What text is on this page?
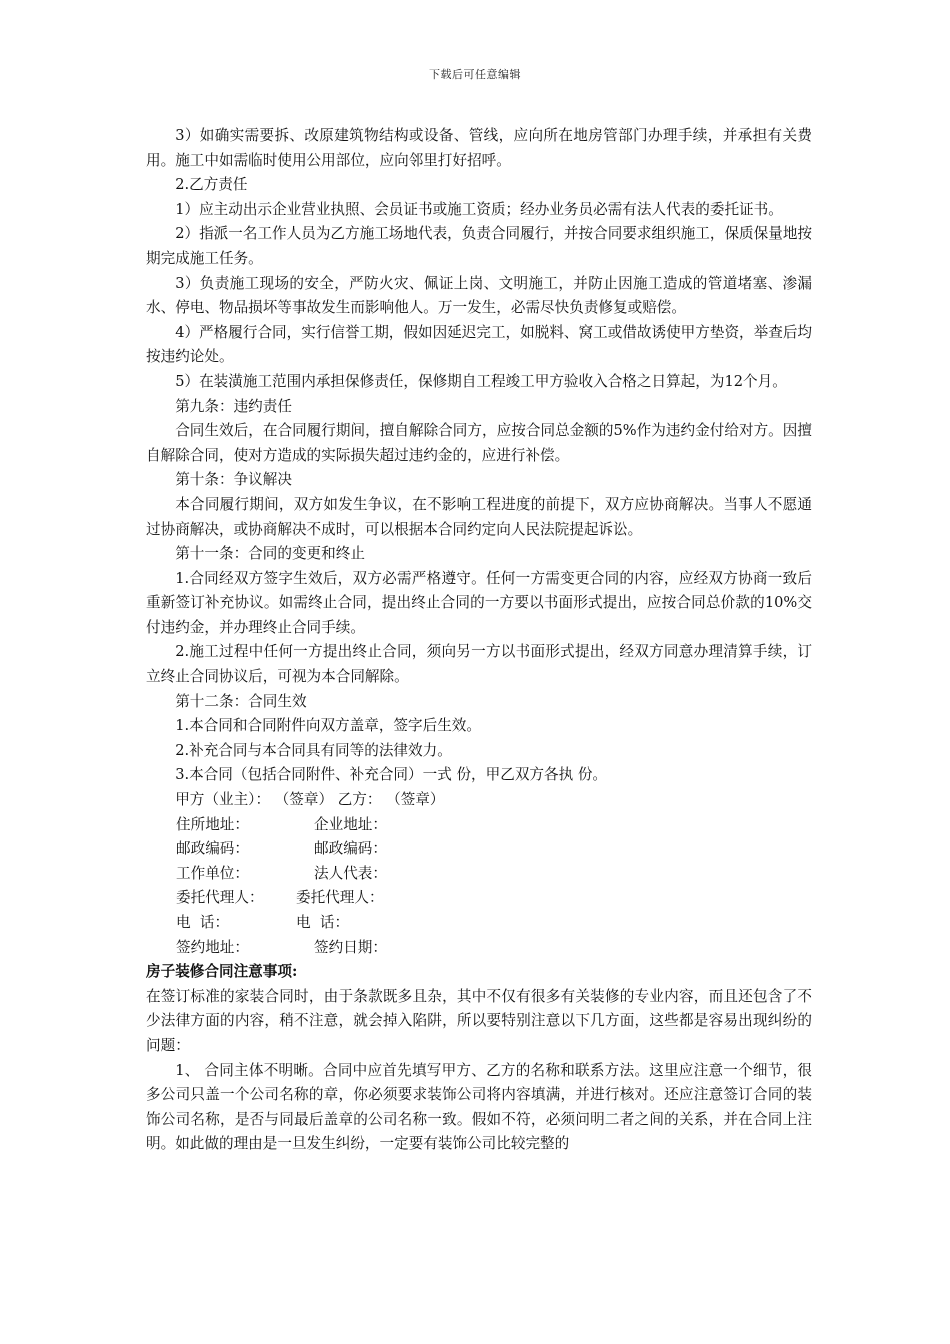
下载后可任意编辑

3）如确实需要拆、改原建筑物结构或设备、管线，应向所在地房管部门办理手续，并承担有关费用。施工中如需临时使用公用部位，应向邻里打好招呼。

2.乙方责任

1）应主动出示企业营业执照、会员证书或施工资质；经办业务员必需有法人代表的委托证书。

2）指派一名工作人员为乙方施工场地代表，负责合同履行，并按合同要求组织施工，保质保量地按期完成施工任务。

3）负责施工现场的安全，严防火灾、佩证上岗、文明施工，并防止因施工造成的管道堵塞、渗漏水、停电、物品损坏等事故发生而影响他人。万一发生，必需尽快负责修复或赔偿。

4）严格履行合同，实行信誉工期，假如因延迟完工，如脱料、窝工或借故诱使甲方垫资，举查后均按违约论处。

5）在装潢施工范围内承担保修责任，保修期自工程竣工甲方验收入合格之日算起，为12个月。

第九条：违约责任

合同生效后，在合同履行期间，擅自解除合同方，应按合同总金额的5%作为违约金付给对方。因擅自解除合同，使对方造成的实际损失超过违约金的，应进行补偿。

第十条：争议解决

本合同履行期间，双方如发生争议，在不影响工程进度的前提下，双方应协商解决。当事人不愿通过协商解决，或协商解决不成时，可以根据本合同约定向人民法院提起诉讼。

第十一条：合同的变更和终止

1.合同经双方签字生效后，双方必需严格遵守。任何一方需变更合同的内容，应经双方协商一致后重新签订补充协议。如需终止合同，提出终止合同的一方要以书面形式提出，应按合同总价款的10%交付违约金，并办理终止合同手续。

2.施工过程中任何一方提出终止合同，须向另一方以书面形式提出，经双方同意办理清算手续，订立终止合同协议后，可视为本合同解除。

第十二条：合同生效

1.本合同和合同附件向双方盖章，签字后生效。

2.补充合同与本合同具有同等的法律效力。

3.本合同（包括合同附件、补充合同）一式 份，甲乙双方各执 份。

甲方（业主）： （签章） 乙方： （签章）

住所地址：	企业地址：
邮政编码：	邮政编码：
工作单位：	法人代表：
委托代理人：	委托代理人：
电  话：	电  话：
签约地址：	签约日期：

房子装修合同注意事项:

在签订标准的家装合同时，由于条款既多且杂，其中不仅有很多有关装修的专业内容，而且还包含了不少法律方面的内容，稍不注意，就会掉入陷阱，所以要特别注意以下几方面，这些都是容易出现纠纷的问题：

1、 合同主体不明晰。合同中应首先填写甲方、乙方的名称和联系方法。这里应注意一个细节，很多公司只盖一个公司名称的章，你必须要求装饰公司将内容填满，并进行核对。还应注意签订合同的装饰公司名称，是否与同最后盖章的公司名称一致。假如不符，必须问明二者之间的关系，并在合同上注明。如此做的理由是一旦发生纠纷，一定要有装饰公司比较完整的
